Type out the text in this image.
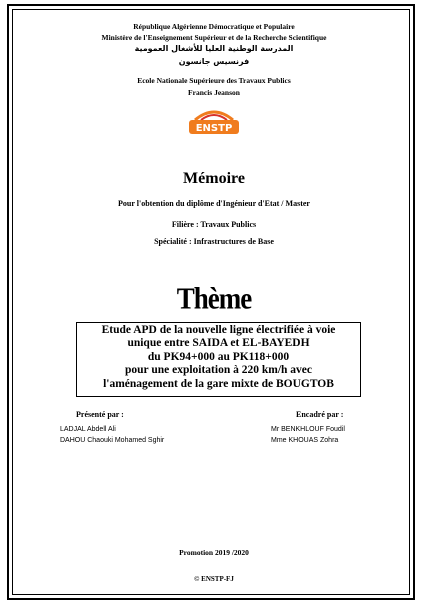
République Algérienne Démocratique et Populaire
Ministère de l'Enseignement Supérieur et de la Recherche Scientifique
المدرسة الوطنية العليا للأشغال العمومية
فرنسيس جانسون
Ecole Nationale Supérieure des Travaux Publics
Francis Jeanson
ENSTP
Mémoire
Pour l'obtention du diplôme d'Ingénieur d'Etat / Master
Filière : Travaux Publics
Spécialité : Infrastructures de Base
Thème
Etude APD de la nouvelle ligne électrifiée à voie
unique entre SAIDA et EL-BAYEDH
du PK94+000 au PK118+000
pour une exploitation à 220 km/h avec
l'aménagement de la gare mixte de BOUGTOB
Présenté par :
LADJAL Abdell Ali
DAHOU Chaouki Mohamed Sghir
Encadré par :
Mr BENKHLOUF Foudil
Mme KHOUAS Zohra
Promotion 2019 /2020
© ENSTP-FJ
